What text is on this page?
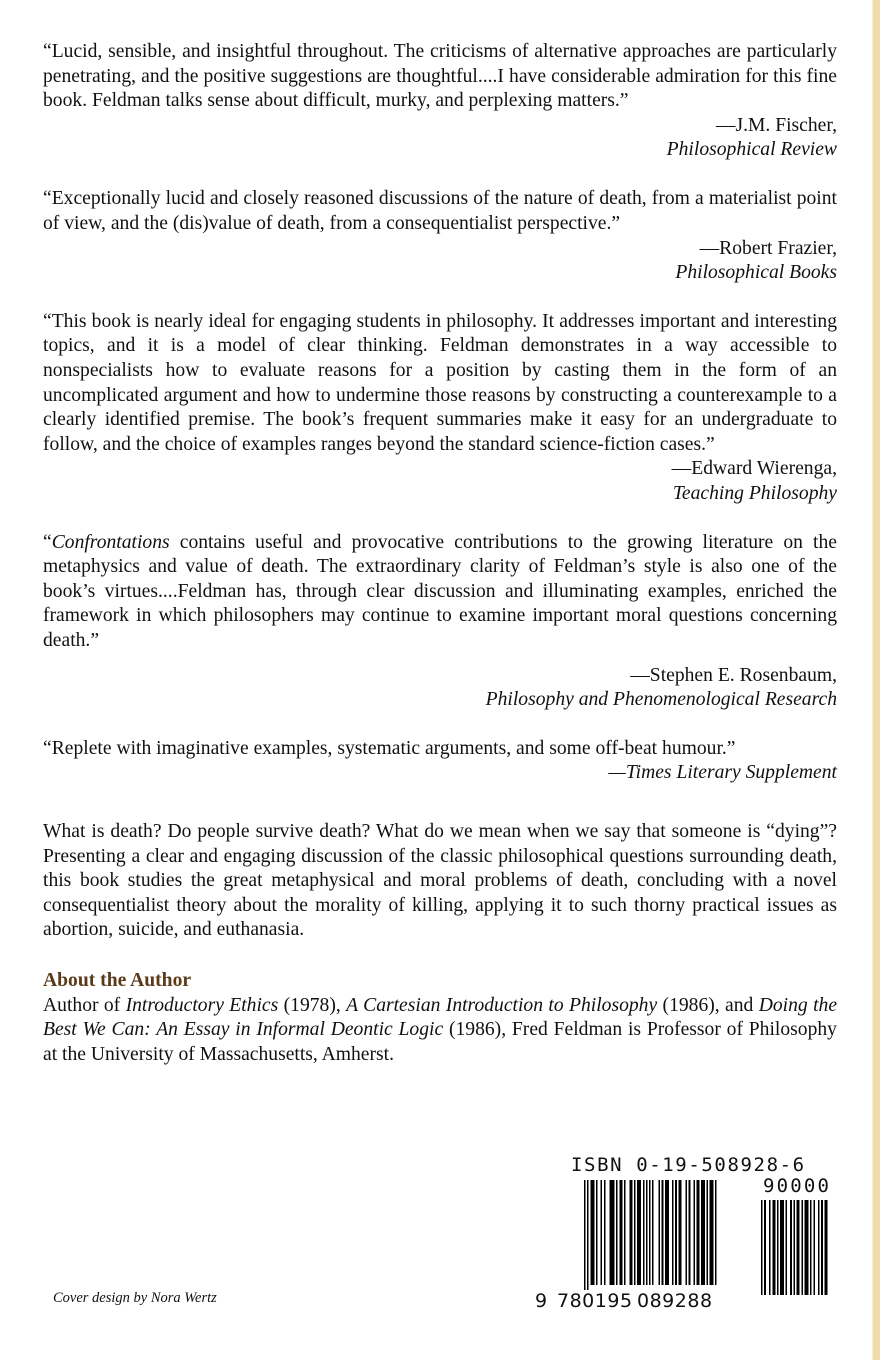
“Lucid, sensible, and insightful throughout. The criticisms of alternative approaches are particularly penetrating, and the positive suggestions are thoughtful....I have considerable admiration for this fine book. Feldman talks sense about difficult, murky, and perplexing matters.”

—J.M. Fischer,

Philosophical Review

“Exceptionally lucid and closely reasoned discussions of the nature of death, from a materialist point of view, and the (dis)value of death, from a consequentialist perspective.”

—Robert Frazier,

Philosophical Books

“This book is nearly ideal for engaging students in philosophy. It addresses important and interesting topics, and it is a model of clear thinking. Feldman demonstrates in a way accessible to nonspecialists how to evaluate reasons for a position by casting them in the form of an uncomplicated argument and how to undermine those reasons by constructing a counterexample to a clearly identified premise. The book’s frequent summaries make it easy for an undergraduate to follow, and the choice of examples ranges beyond the standard science-fiction cases.”

—Edward Wierenga,

Teaching Philosophy

“Confrontations contains useful and provocative contributions to the growing literature on the metaphysics and value of death. The extraordinary clarity of Feldman’s style is also one of the book’s virtues....Feldman has, through clear discussion and illuminating examples, enriched the framework in which philosophers may continue to examine important moral questions concerning death.”

—Stephen E. Rosenbaum,

Philosophy and Phenomenological Research

“Replete with imaginative examples, systematic arguments, and some off-beat humour.”

—Times Literary Supplement

What is death? Do people survive death? What do we mean when we say that someone is “dying”? Presenting a clear and engaging discussion of the classic philosophical questions surrounding death, this book studies the great metaphysical and moral problems of death, concluding with a novel consequentialist theory about the morality of killing, applying it to such thorny practical issues as abortion, suicide, and euthanasia.

About the Author

Author of Introductory Ethics (1978), A Cartesian Introduction to Philosophy (1986), and Doing the Best We Can: An Essay in Informal Deontic Logic (1986), Fred Feldman is Professor of Philosophy at the University of Massachusetts, Amherst.

ISBN 0-19-508928-6
90000
9 780195 089288
Cover design by Nora Wertz
